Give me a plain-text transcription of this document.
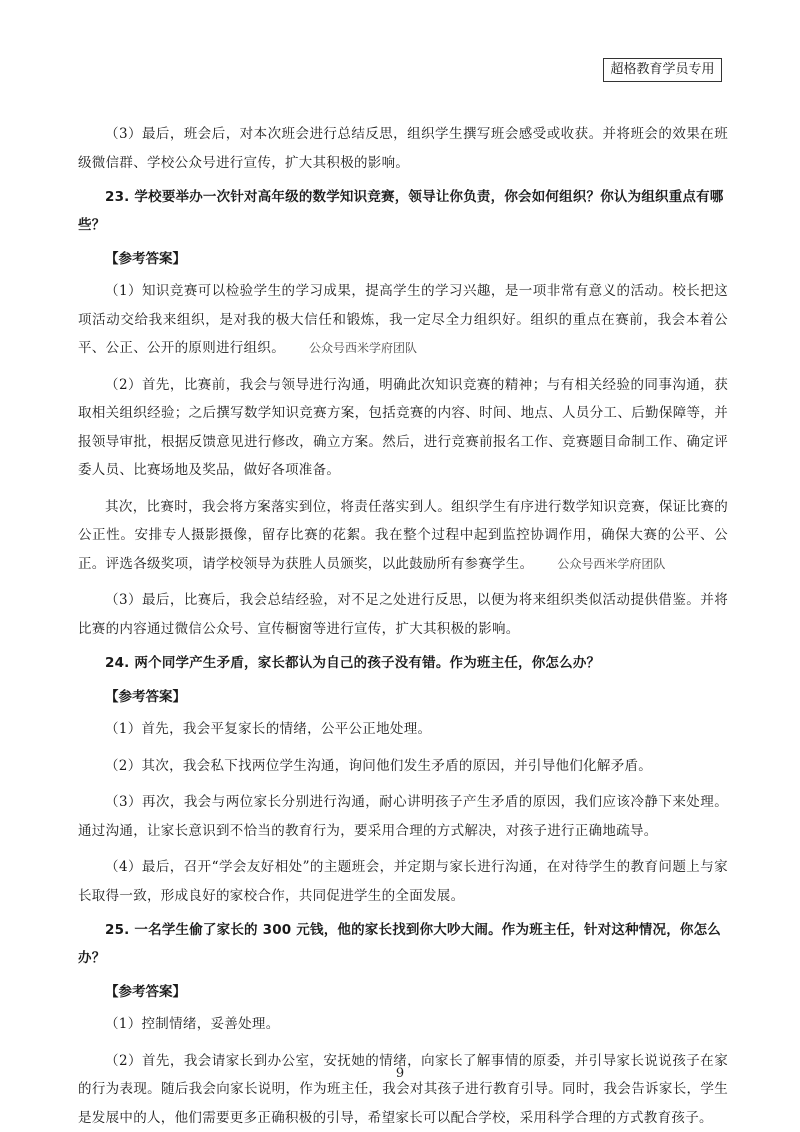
超格教育学员专用

（3）最后，班会后，对本次班会进行总结反思，组织学生撰写班会感受或收获。并将班会的效果在班级微信群、学校公众号进行宣传，扩大其积极的影响。

23. 学校要举办一次针对高年级的数学知识竞赛，领导让你负责，你会如何组织？你认为组织重点有哪些？

【参考答案】

（1）知识竞赛可以检验学生的学习成果，提高学生的学习兴趣，是一项非常有意义的活动。校长把这项活动交给我来组织，是对我的极大信任和锻炼，我一定尽全力组织好。组织的重点在赛前，我会本着公平、公正、公开的原则进行组织。 公众号西米学府团队

（2）首先，比赛前，我会与领导进行沟通，明确此次知识竞赛的精神；与有相关经验的同事沟通，获取相关组织经验；之后撰写数学知识竞赛方案，包括竞赛的内容、时间、地点、人员分工、后勤保障等，并报领导审批，根据反馈意见进行修改，确立方案。然后，进行竞赛前报名工作、竞赛题目命制工作、确定评委人员、比赛场地及奖品，做好各项准备。

其次，比赛时，我会将方案落实到位，将责任落实到人。组织学生有序进行数学知识竞赛，保证比赛的公正性。安排专人摄影摄像，留存比赛的花絮。我在整个过程中起到监控协调作用，确保大赛的公平、公正。评选各级奖项，请学校领导为获胜人员颁奖，以此鼓励所有参赛学生。 公众号西米学府团队

（3）最后，比赛后，我会总结经验，对不足之处进行反思，以便为将来组织类似活动提供借鉴。并将比赛的内容通过微信公众号、宣传橱窗等进行宣传，扩大其积极的影响。

24. 两个同学产生矛盾，家长都认为自己的孩子没有错。作为班主任，你怎么办？

【参考答案】

（1）首先，我会平复家长的情绪，公平公正地处理。

（2）其次，我会私下找两位学生沟通，询问他们发生矛盾的原因，并引导他们化解矛盾。

（3）再次，我会与两位家长分别进行沟通，耐心讲明孩子产生矛盾的原因，我们应该冷静下来处理。通过沟通，让家长意识到不恰当的教育行为，要采用合理的方式解决，对孩子进行正确地疏导。

（4）最后，召开“学会友好相处”的主题班会，并定期与家长进行沟通，在对待学生的教育问题上与家长取得一致，形成良好的家校合作，共同促进学生的全面发展。

25. 一名学生偷了家长的 300 元钱，他的家长找到你大吵大闹。作为班主任，针对这种情况，你怎么办？

【参考答案】

（1）控制情绪，妥善处理。

（2）首先，我会请家长到办公室，安抚她的情绪，向家长了解事情的原委，并引导家长说说孩子在家的行为表现。随后我会向家长说明，作为班主任，我会对其孩子进行教育引导。同时，我会告诉家长，学生是发展中的人，他们需要更多正确积极的引导，希望家长可以配合学校，采用科学合理的方式教育孩子。

9
